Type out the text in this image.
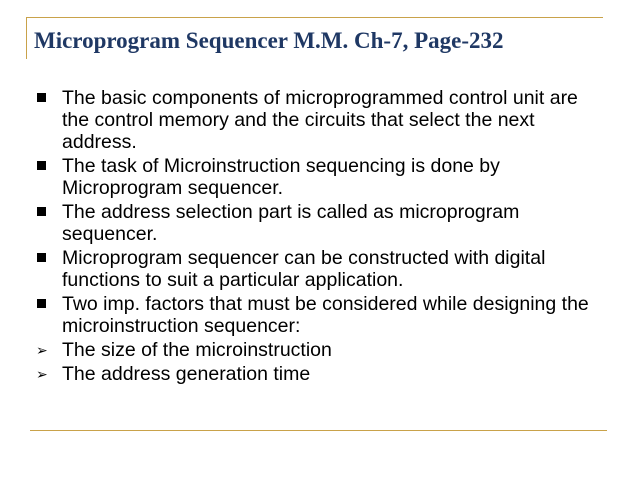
Microprogram Sequencer M.M. Ch-7, Page-232
The basic components of microprogrammed control unit are the control memory and the circuits that select the next address.
The task of Microinstruction sequencing is done by Microprogram sequencer.
The address selection part is called as microprogram sequencer.
Microprogram sequencer can be constructed with digital functions to suit a particular application.
Two imp. factors that must be considered while designing the microinstruction sequencer:
➢ The size of the microinstruction
➢ The address generation time
